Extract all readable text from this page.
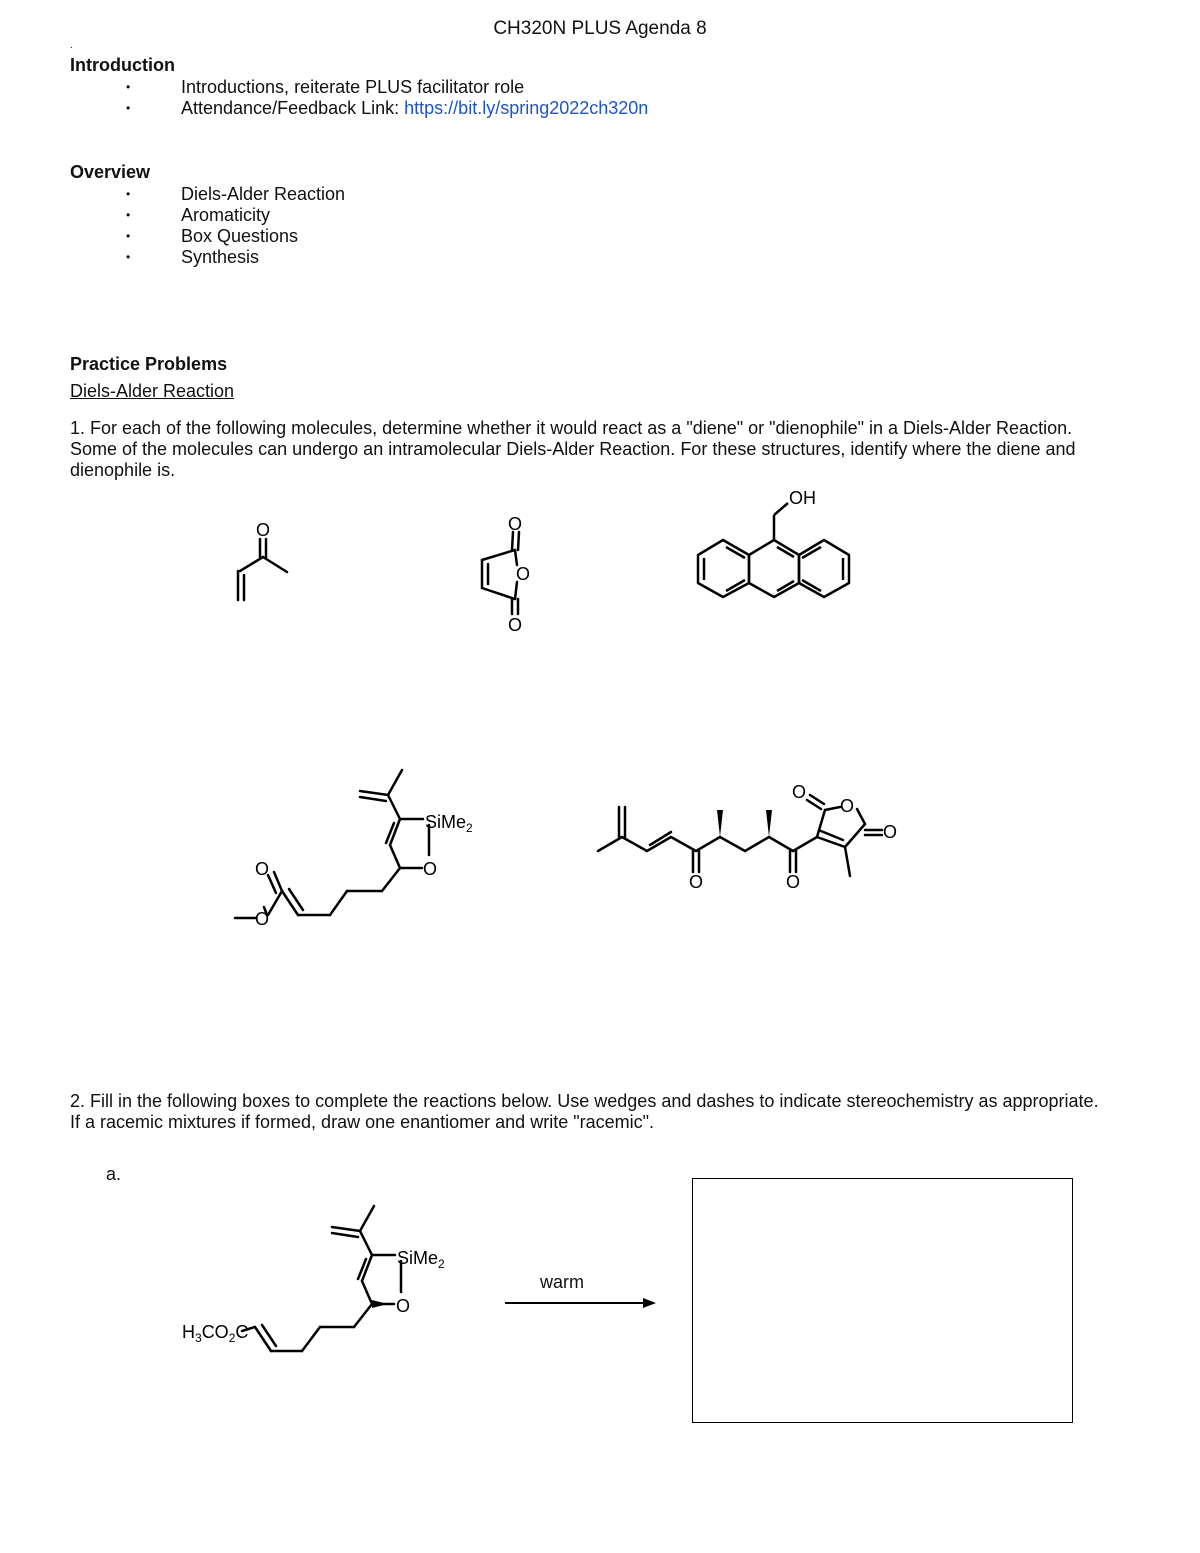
CH320N PLUS Agenda 8
.
Introduction
• Introductions, reiterate PLUS facilitator role
• Attendance/Feedback Link: https://bit.ly/spring2022ch320n
Overview
• Diels-Alder Reaction
• Aromaticity
• Box Questions
• Synthesis
Practice Problems
Diels-Alder Reaction
1. For each of the following molecules, determine whether it would react as a "diene" or "dienophile" in a Diels-Alder Reaction. Some of the molecules can undergo an intramolecular Diels-Alder Reaction. For these structures, identify where the diene and dienophile is.
O	O
O
O
OH
SiMe$_2$
O
O
O
O
O
O
O	O
2. Fill in the following boxes to complete the reactions below. Use wedges and dashes to indicate stereochemistry as appropriate. If a racemic mixtures if formed, draw one enantiomer and write "racemic".
a.
SiMe$_2$
O
$H_3CO_2C$
warm
